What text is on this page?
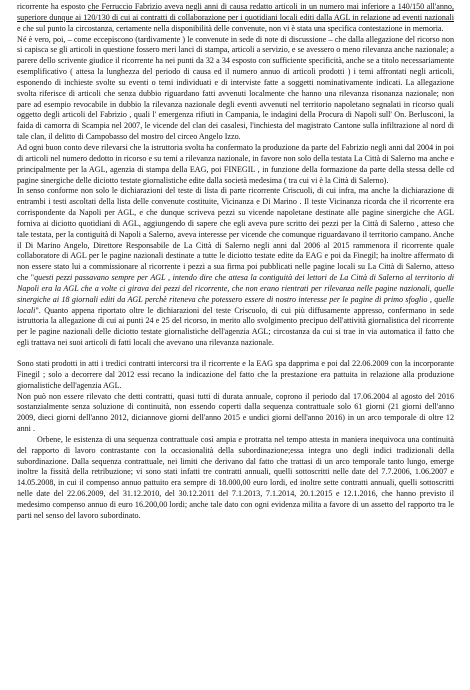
ricorrente ha esposto che Ferruccio Fabrizio aveva negli anni di causa redatto articoli in un numero mai inferiore a 140/150 all'anno, superiore dunque ai 120/130 di cui ai contratti di collaborazione per i quotidiani locali editi dalla AGL in relazione ad eventi nazionali e che sul punto la circostanza, certamente nella disponibilità delle convenute, non vi è stata una specifica contestazione in memoria.

Né è vero, poi, – come eccepiscono (tardivamente ) le convenute in sede di note di discussione – che dalla allegazione del ricorso non si capisca se gli articoli in questione fossero meri lanci di stampa, articoli a servizio, e se avessero o meno rilevanza anche nazionale; a parere dello scrivente giudice il ricorrente ha nei punti da 32 a 34 esposto con sufficiente specificità, anche se a titolo necessariamente esemplificativo ( attesa la lunghezza del periodo di causa ed il numero annuo di articoli prodotti ) i temi affrontati negli articoli, esponendo di inchieste svolte su eventi o temi individuati e di interviste fatte a soggetti nominativamente indicati. La allegazione svolta riferisce di articoli che senza dubbio riguardano fatti avvenuti localmente che hanno una rilevanza risonanza nazionale; non pare ad esempio revocabile in dubbio la rilevanza nazionale degli eventi avvenuti nel territorio napoletano segnalati in ricorso quali oggetto degli articoli del Fabrizio , quali l' emergenza rifiuti in Campania, le indagini della Procura di Napoli sull' On. Berlusconi, la faida di camorra di Scampia nel 2007, le vicende del clan dei casalesi, l'inchiesta del magistrato Cantone sulla infiltrazione al nord di tale clan, il delitto di Campobasso del mostro del circeo Angelo Izzo.

Ad ogni buon conto deve rilevarsi che la istruttoria svolta ha confermato la produzione da parte del Fabrizio negli anni dal 2004 in poi di articoli nel numero dedotto in ricorso e su temi a rilevanza nazionale, in favore non solo della testata La Città di Salerno ma anche e principalmente per la AGL, agenzia di stampa della EAG, poi FINEGIL , in funzione della formazione da parte della stessa delle cd pagine sinergiche delle diciotto testate giornalistiche edite dalla società medesima ( tra cui vi è la Città di Salerno).

In senso conforme non solo le dichiarazioni del teste di lista di parte ricorrente Criscuoli, di cui infra, ma anche la dichiarazione di entrambi i testi ascoltati della lista delle convenute costituite, Vicinanza e Di Marino . Il teste Vicinanza ricorda che il ricorrente era corrispondente da Napoli per AGL, e che dunque scriveva pezzi su vicende napoletane destinate alle pagine sinergiche che AGL forniva ai diciotto quotidiani di AGL, aggiungendo di sapere che egli aveva pure scritto dei pezzi per la Città di Salerno , atteso che tale testata, per la contiguità di Napoli a Salerno, aveva interesse per vicende che comunque riguardavano il territorio campano. Anche il Di Marino Angelo, Direttore Responsabile de La Città di Salerno negli anni dal 2006 al 2015 rammenora il ricorrente quale collaboratore di AGL per le pagine nazionali destinate a tutte le diciotto testate edite da EAG e poi da Finegil; ha inoltre affermato di non essere stato lui a commissionare al ricorrente i pezzi a sua firma poi pubblicati nelle pagine locali su La Città di Salerno, atteso che "questi pezzi passavano sempre per AGL , intendo dire che attesa la contiguità dei lettori de La Città di Salerno al territorio di Napoli era la AGL che a volte ci girava dei pezzi del ricorrente, che non erano rientrati per rilevanza nelle pagine nazionali, quelle sinergiche ai 18 giornali editi da AGL perchè riteneva che potessero essere di nostro interesse per le pagine di primo sfoglio , quelle locali". Quanto appena riportato oltre le dichiarazioni del teste Criscuolo, di cui più diffusamente appresso, confermano in sede istruttoria la allegazione di cui ai punti 24 e 25 del ricorso, in merito allo svolgimento precipuo dell'attività giornalistica del ricorrente per le pagine nazionali delle diciotto testate giornalistiche dell'agenzia AGL; circostanza da cui si trae in via automatica il fatto che egli trattava nei suoi articoli di fatti locali che avevano una rilevanza nazionale.

Sono stati prodotti in atti i tredici contratti intercorsi tra il ricorrente e la EAG spa dapprima e poi dal 22.06.2009 con la incorporante Finegil ; solo a decorrere dal 2012 essi recano la indicazione del fatto che la prestazione era pattuita in relazione alla produzione giornalistiche dell'agenzia AGL.

Non può non essere rilevato che detti contratti, quasi tutti di durata annuale, coprono il periodo dal 17.06.2004 al agosto del 2016 sostanzialmente senza soluzione di continuità, non essendo coperti dalla sequenza contrattuale solo 61 giorni (21 giorni dell'anno 2009, dieci giorni dell'anno 2012, diciannove giorni dell'anno 2015 e undici giorni dell'anno 2016) in un arco temporale di oltre 12 anni .

Orbene, le esistenza di una sequenza contrattuale così ampia e protratta nel tempo attesta in maniera inequivoca una continuità del rapporto di lavoro contrastante con la occasionalità della subordinazione;essa integra uno degli indici tradizionali della subordinazione. Dalla sequenza contrattuale, nei limiti che derivano dal fatto che trattasi di un arco temporale tanto lungo, emerge inoltre la fissità della retribuzione; vi sono stati infatti tre contratti annuali, quelli sottoscritti nelle date del 7.7.2006, 1.06.2007 e 14.05.2008, in cui il compenso annuo pattuito era sempre di 18.000,00 euro lordi, ed inoltre sette contratti annuali, quelli sottoscritti nelle date del 22.06.2009, del 31.12.2010, del 30.12.2011 del 7.1.2013, 7.1.2014, 20.1.2015 e 12.1.2016, che hanno previsto il medesimo compenso annuo di euro 16.200,00 lordi; anche tale dato con ogni evidenza milita a favore di un assetto del rapporto tra le parti nel senso del lavoro subordinato.
